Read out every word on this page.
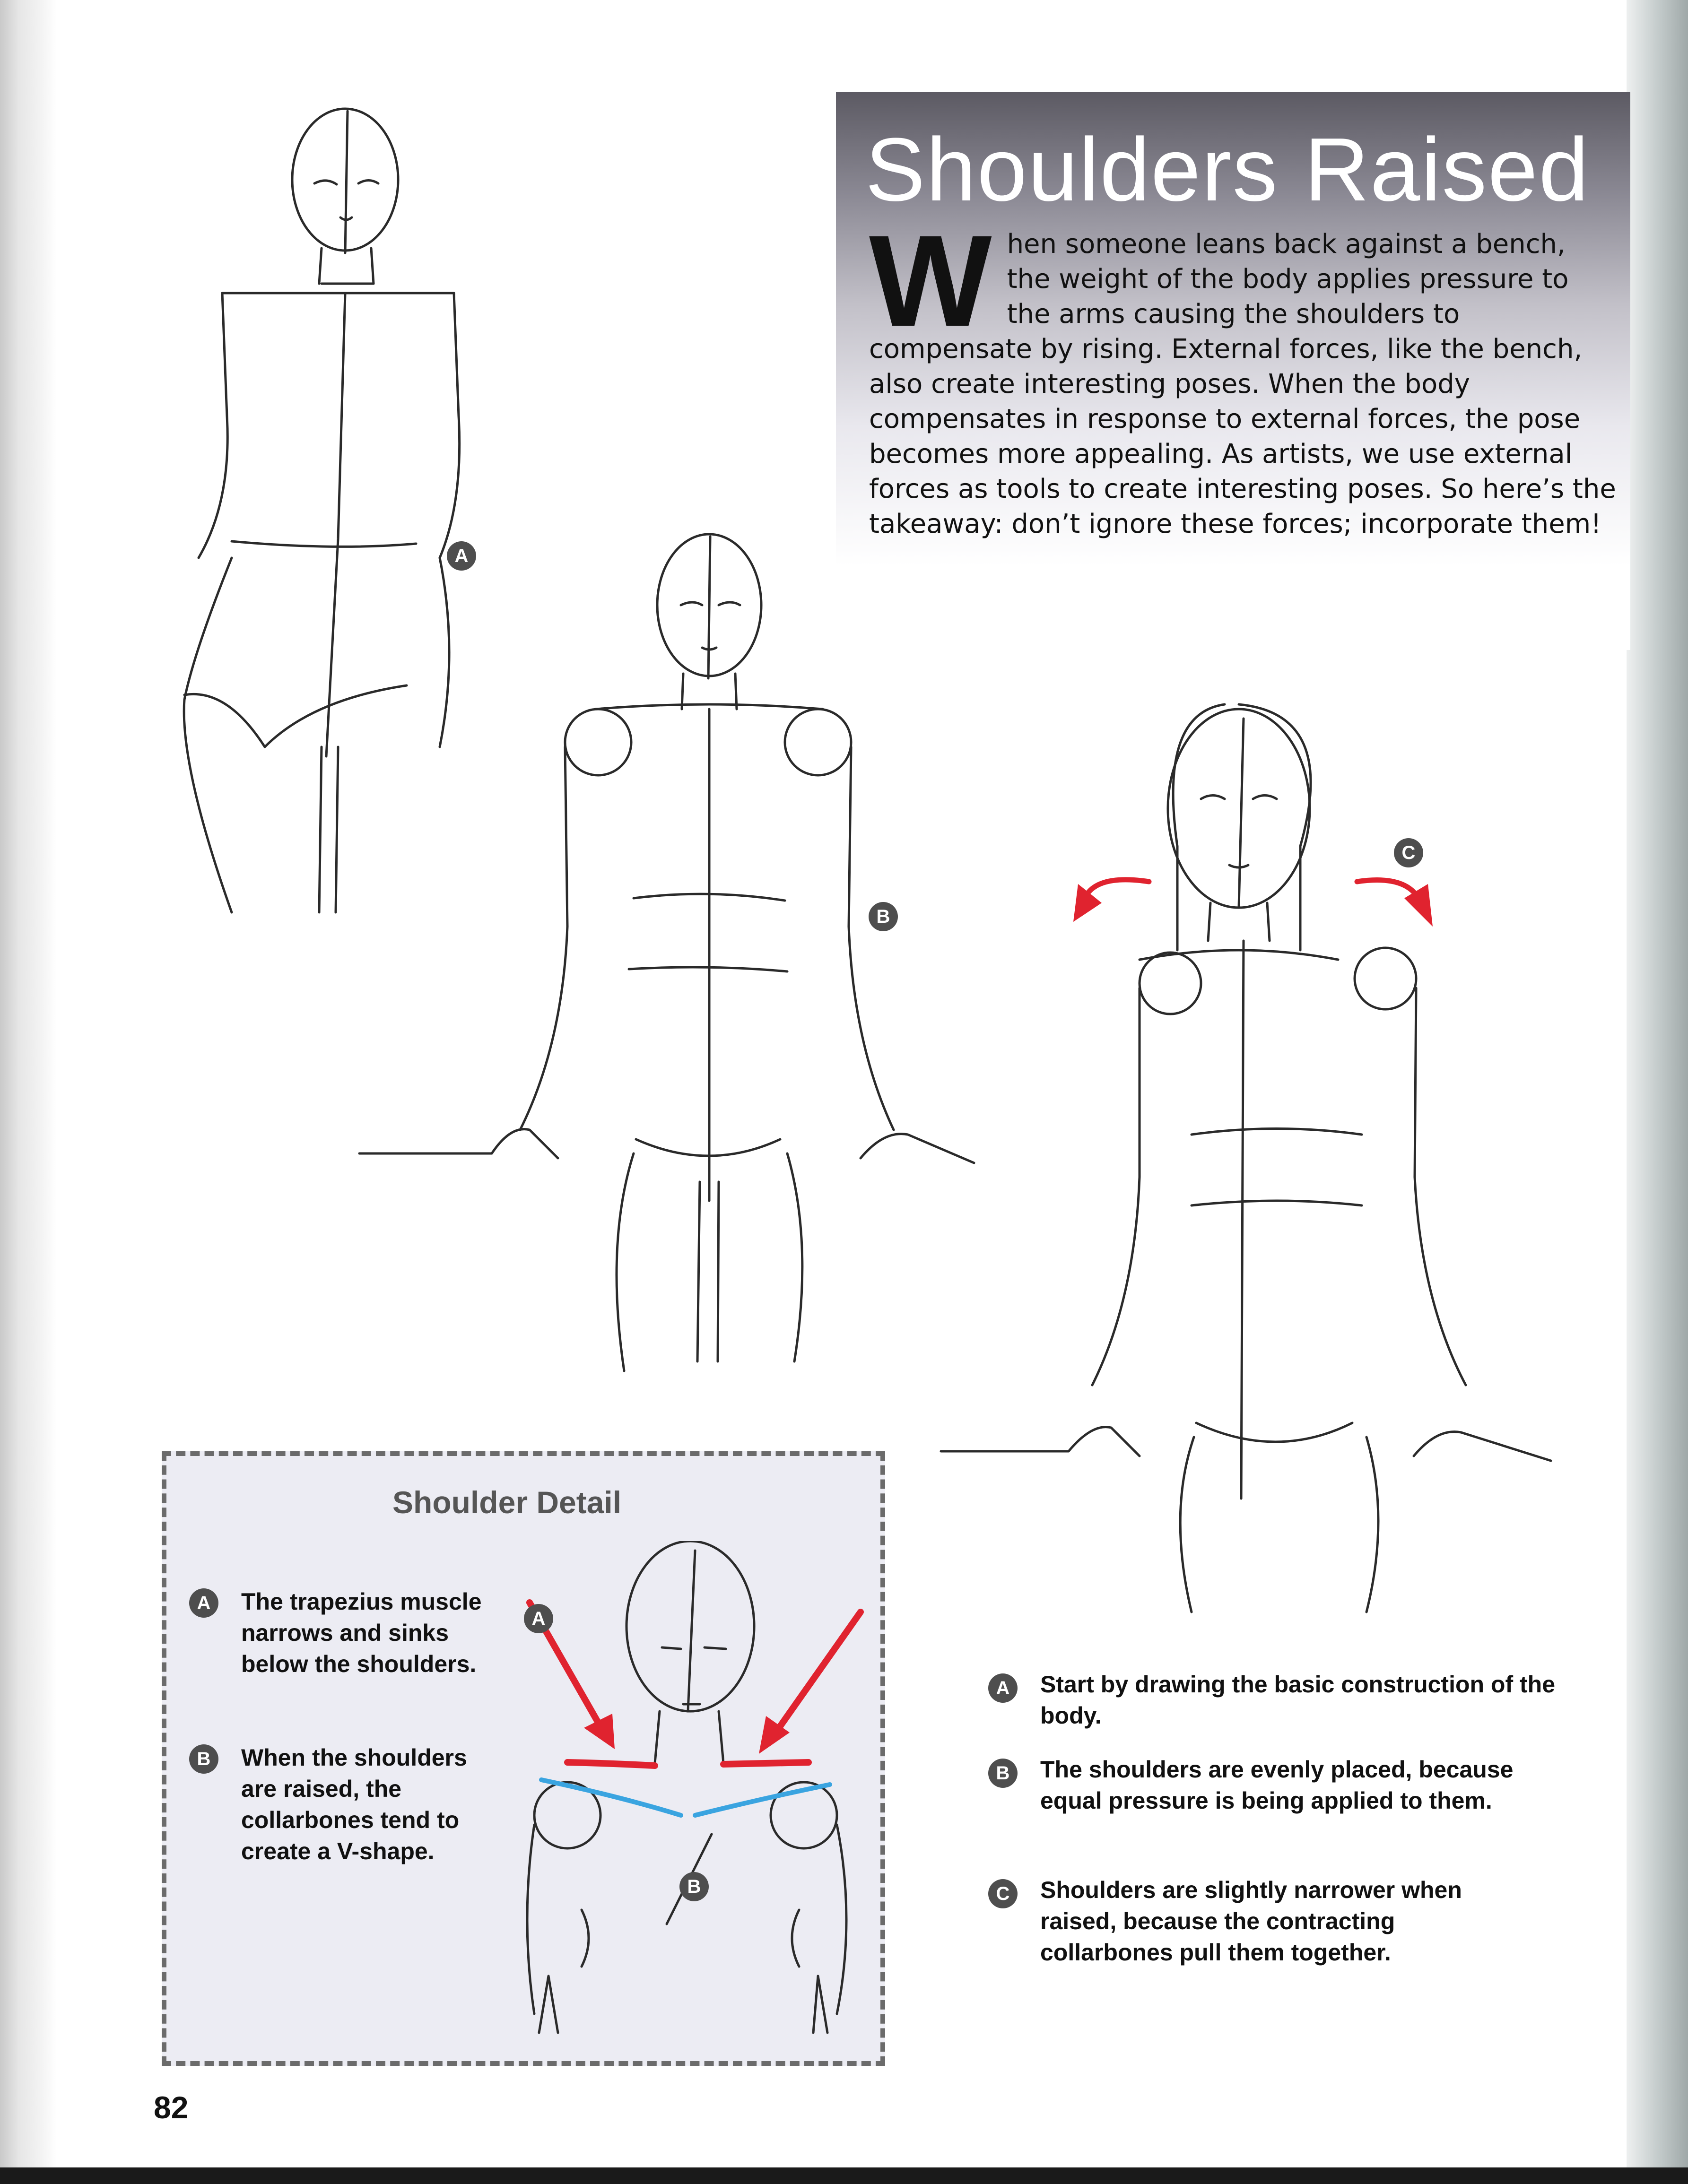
Shoulders Raised

When someone leans back against a bench, the weight of the body applies pressure to the arms causing the shoulders to compensate by rising. External forces, like the bench, also create interesting poses. When the body compensates in response to external forces, the pose becomes more appealing. As artists, we use external forces as tools to create interesting poses. So here’s the takeaway: don’t ignore these forces; incorporate them!

A
B
C
Shoulder Detail
A	The trapezius muscle narrows and sinks below the shoulders.

B	When the shoulders are raised, the collarbones tend to create a V-shape.

A
B
A	Start by drawing the basic construction of the body.

B	The shoulders are evenly placed, because equal pressure is being applied to them.

C	Shoulders are slightly narrower when raised, because the contracting collarbones pull them together.

82
